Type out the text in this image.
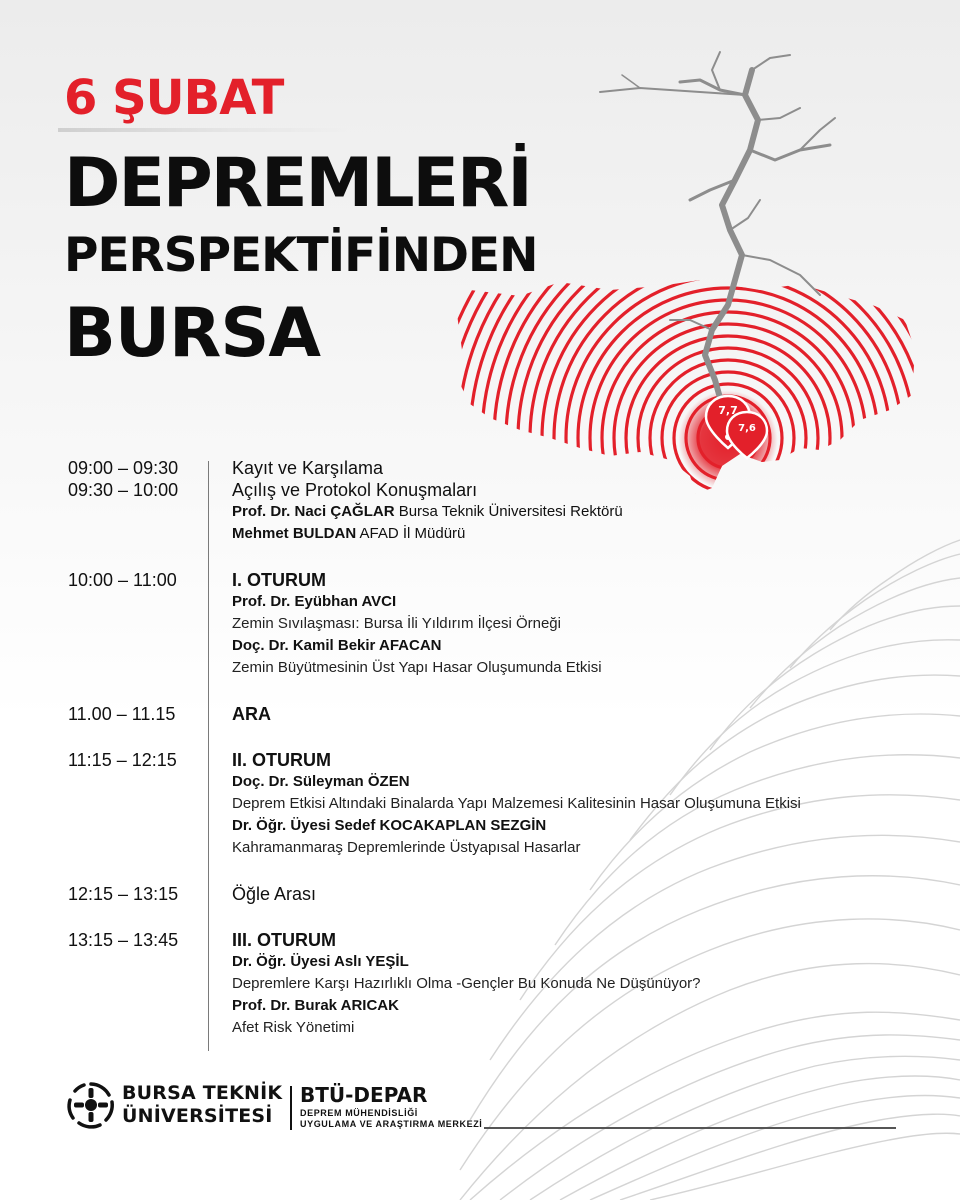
7,7
7,6
6 ŞUBAT
DEPREMLERİ
PERSPEKTİFİNDEN
BURSA
09:00 – 09:30	Kayıt ve Karşılama
09:30 – 10:00	Açılış ve Protokol Konuşmaları
Prof. Dr. Naci ÇAĞLAR Bursa Teknik Üniversitesi Rektörü
Mehmet BULDAN AFAD İl Müdürü
10:00 – 11:00	I. OTURUM
Prof. Dr. Eyübhan AVCI
Zemin Sıvılaşması: Bursa İli Yıldırım İlçesi Örneği
Doç. Dr. Kamil Bekir AFACAN
Zemin Büyütmesinin Üst Yapı Hasar Oluşumunda Etkisi
11.00 – 11.15	ARA
11:15 – 12:15	II. OTURUM
Doç. Dr. Süleyman ÖZEN
Deprem Etkisi Altındaki Binalarda Yapı Malzemesi Kalitesinin Hasar Oluşumuna Etkisi
Dr. Öğr. Üyesi Sedef KOCAKAPLAN SEZGİN
Kahramanmaraş Depremlerinde Üstyapısal Hasarlar
12:15 – 13:15	Öğle Arası
13:15 – 13:45	III. OTURUM
Dr. Öğr. Üyesi Aslı YEŞİL
Depremlere Karşı Hazırlıklı Olma -Gençler Bu Konuda Ne Düşünüyor?
Prof. Dr. Burak ARICAK
Afet Risk Yönetimi
BURSA TEKNİK
ÜNİVERSİTESİ
BTÜ-DEPAR
DEPREM MÜHENDİSLİĞİ
UYGULAMA VE ARAŞTIRMA MERKEZİ
